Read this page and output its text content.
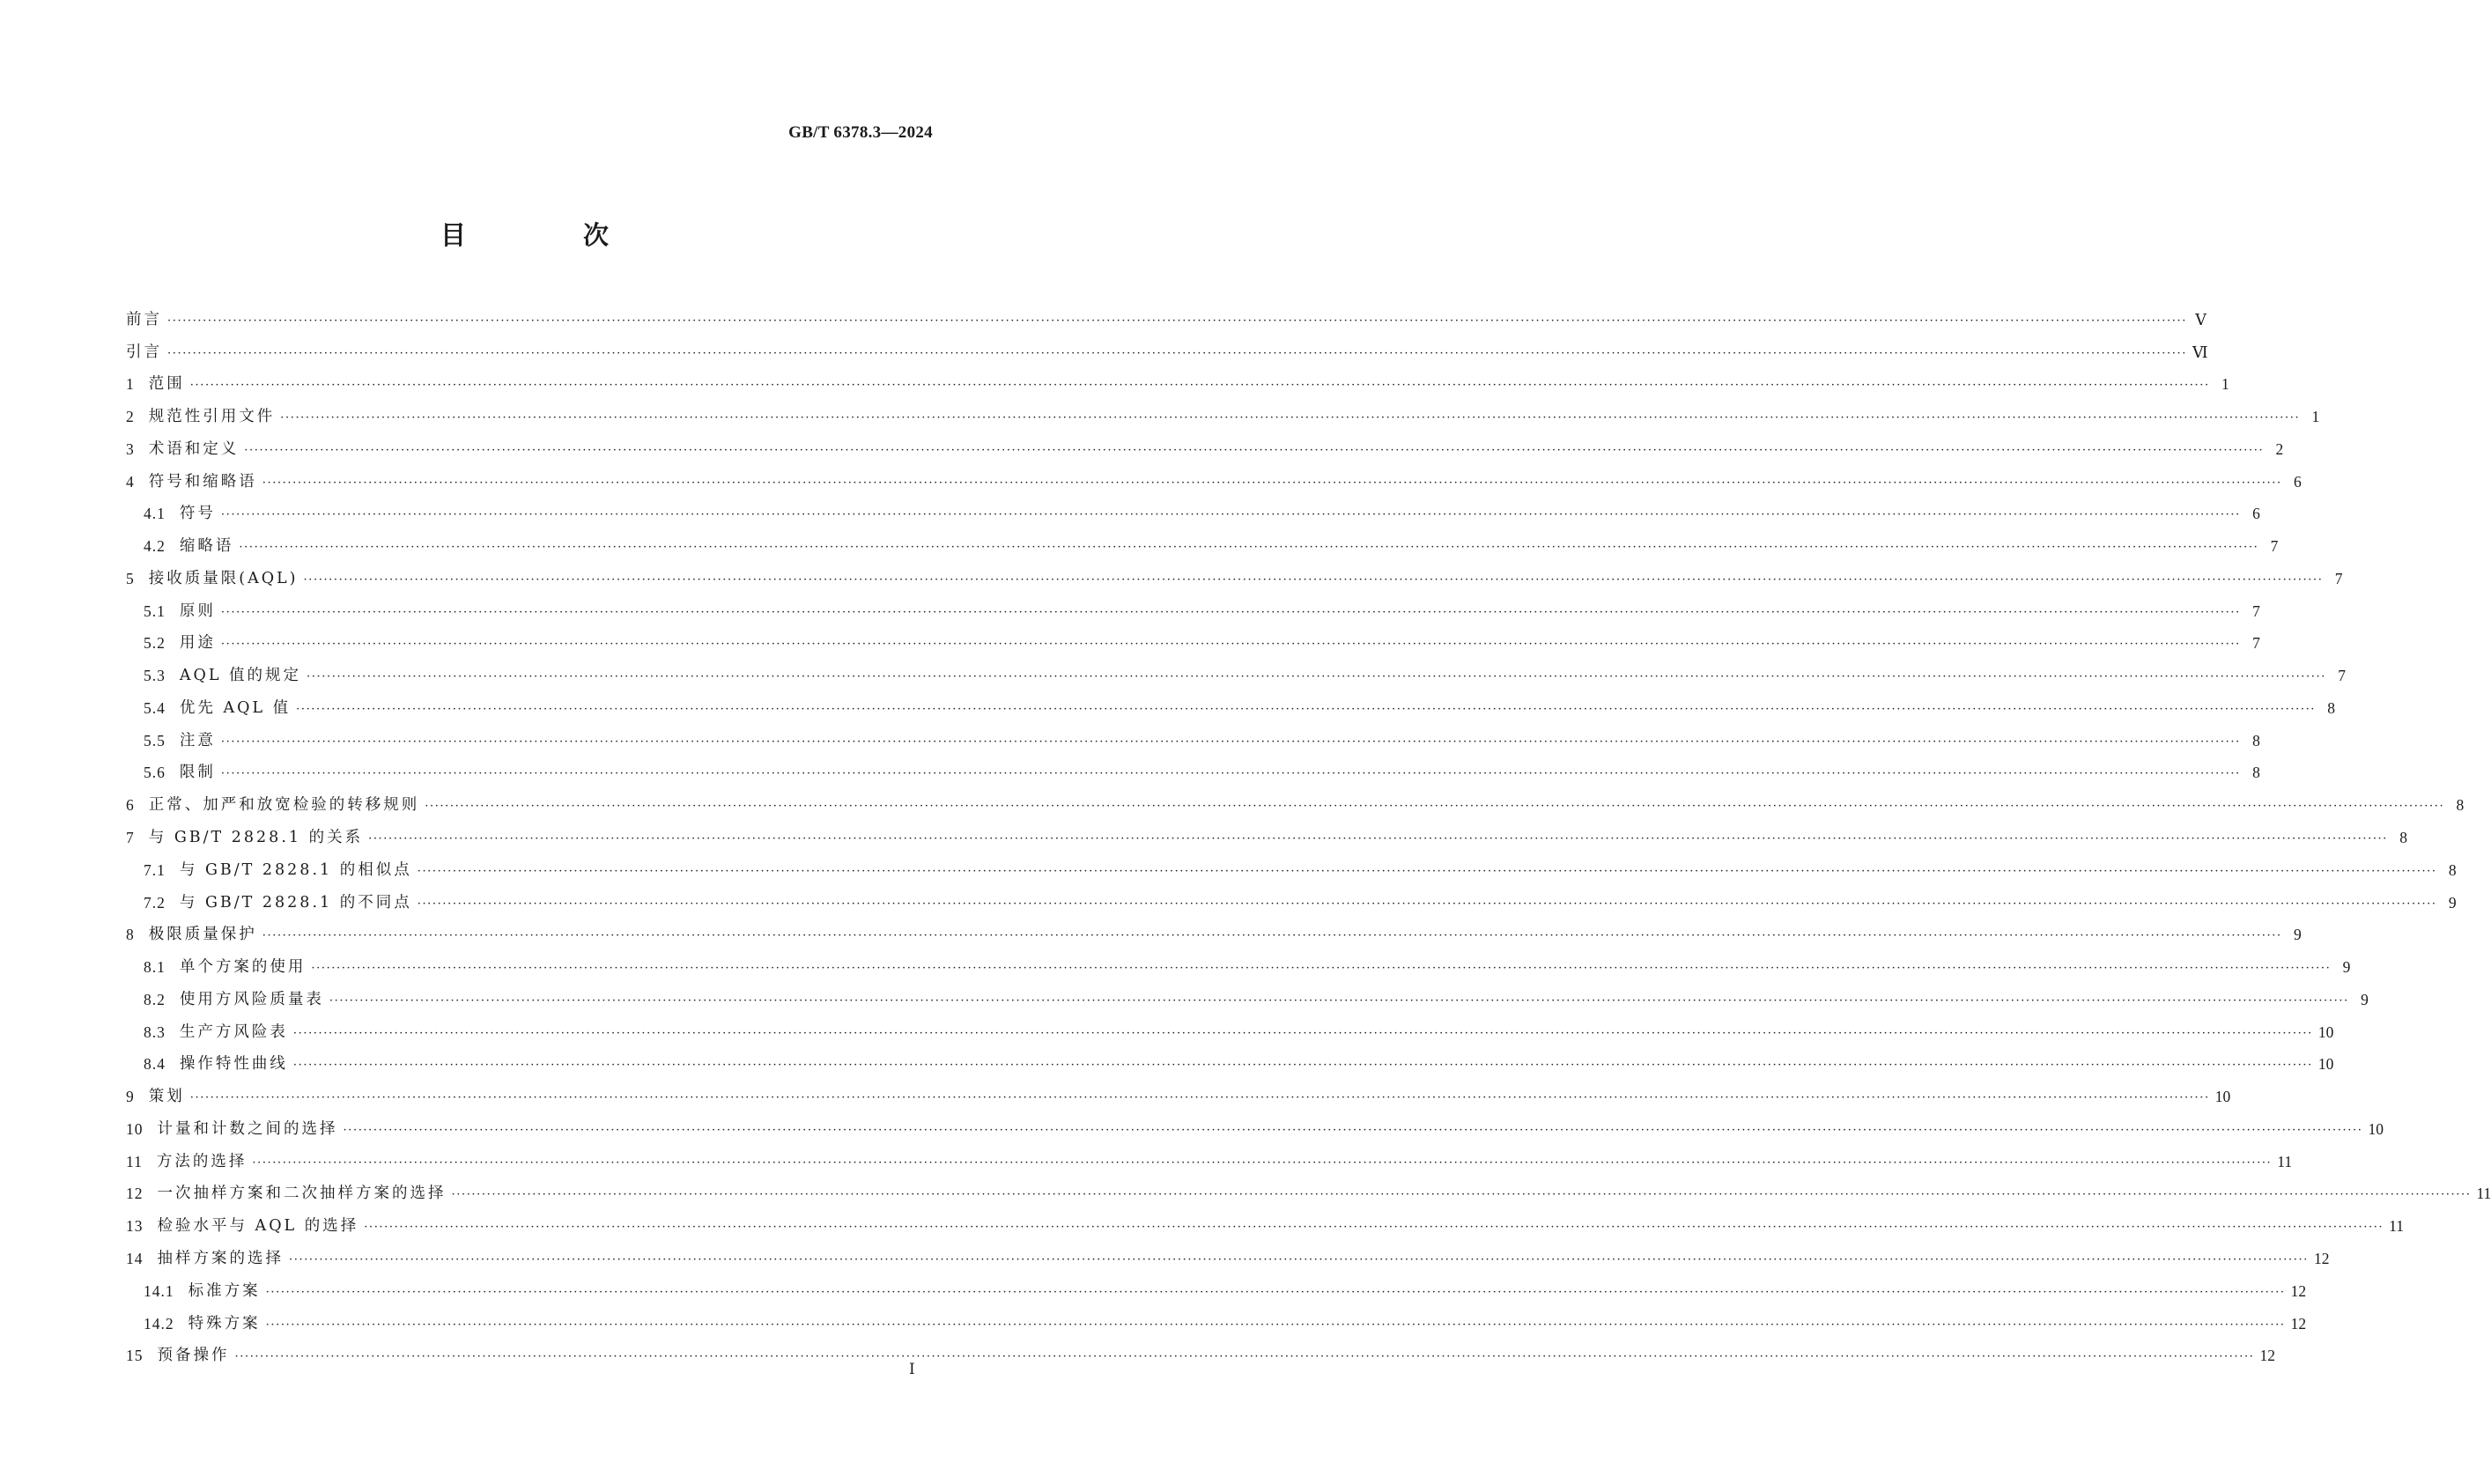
GB/T 6378.3—2024
目　次
前言 ················································································································································································································································································································································································································ Ⅴ
引言 ················································································································································································································································································································································································································ Ⅵ
1 范围 ················································································································································································································································································································································································································ 1
2 规范性引用文件 ················································································································································································································································································································································································································ 1
3 术语和定义 ················································································································································································································································································································································································································ 2
4 符号和缩略语 ················································································································································································································································································································································································································ 6
4.1 符号 ················································································································································································································································································································································································································ 6
4.2 缩略语 ················································································································································································································································································································································································································ 7
5 接收质量限(AQL) ················································································································································································································································································································································································································ 7
5.1 原则 ················································································································································································································································································································································································································ 7
5.2 用途 ················································································································································································································································································································································································································ 7
5.3 AQL 值的规定 ················································································································································································································································································································································································································ 7
5.4 优先 AQL 值 ················································································································································································································································································································································································································ 8
5.5 注意 ················································································································································································································································································································································································································ 8
5.6 限制 ················································································································································································································································································································································································································ 8
6 正常、加严和放宽检验的转移规则 ················································································································································································································································································································································································································ 8
7 与 GB/T 2828.1 的关系 ················································································································································································································································································································································································································ 8
7.1 与 GB/T 2828.1 的相似点 ················································································································································································································································································································································································································ 8
7.2 与 GB/T 2828.1 的不同点 ················································································································································································································································································································································································································ 9
8 极限质量保护 ················································································································································································································································································································································································································ 9
8.1 单个方案的使用 ················································································································································································································································································································································································································ 9
8.2 使用方风险质量表 ················································································································································································································································································································································································································ 9
8.3 生产方风险表 ················································································································································································································································································································································································································ 10
8.4 操作特性曲线 ················································································································································································································································································································································································································ 10
9 策划 ················································································································································································································································································································································································································ 10
10 计量和计数之间的选择 ················································································································································································································································································································································································································ 10
11 方法的选择 ················································································································································································································································································································································································································ 11
12 一次抽样方案和二次抽样方案的选择 ················································································································································································································································································································································································································ 11
13 检验水平与 AQL 的选择 ················································································································································································································································································································································································································ 11
14 抽样方案的选择 ················································································································································································································································································································································································································ 12
14.1 标准方案 ················································································································································································································································································································································································································ 12
14.2 特殊方案 ················································································································································································································································································································································································································ 12
15 预备操作 ················································································································································································································································································································································································································ 12
Ⅰ
